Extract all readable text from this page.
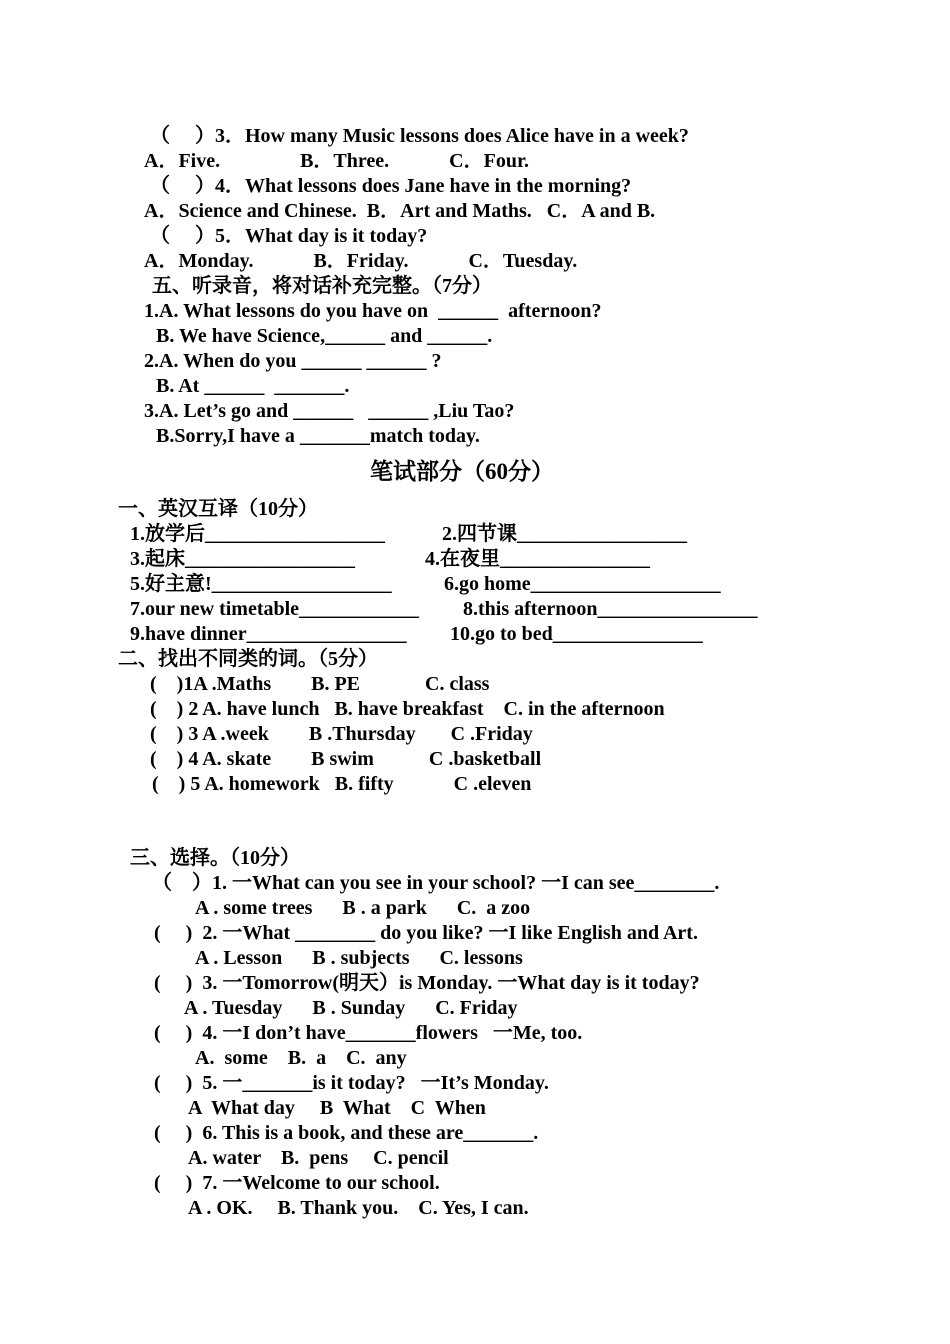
（　 ）3．How many Music lessons does Alice have in a week?
A．Five.　　　　B．Three.　　　C．Four.
（　 ）4．What lessons does Jane have in the morning?
A．Science and Chinese.  B．Art and Maths.   C．A and B.
（　 ）5．What day is it today?
A．Monday.　　　B．Friday.　　　C．Tuesday.
五、听录音，将对话补充完整。（7分）
1.A. What lessons do you have on  ______  afternoon?
B. We have Science,______ and ______.
2.A. When do you ______ ______ ?
B. At ______  _______.
3.A. Let’s go and ______   ______ ,Liu Tao?
B.Sorry,I have a _______match today.
笔试部分（60分）
一、英汉互译（10分）
1.放学后__________________	2.四节课_________________
3.起床_________________	4.在夜里_______________
5.好主意!__________________	6.go home___________________
7.our new timetable____________ 8.this afternoon________________
9.have dinner________________ 10.go to bed_______________
二、找出不同类的词。（5分）
(    )1A .Maths        B. PE             C. class
(    ) 2 A. have lunch   B. have breakfast    C. in the afternoon
(    ) 3 A .week        B .Thursday       C .Friday
(    ) 4 A. skate        B swim           C .basketball
(    ) 5 A. homework   B. fifty            C .eleven
三、选择。（10分）
（　）1. 一What can you see in your school? 一I can see________.
A . some trees      B . a park      C.  a zoo
(　 )  2. 一What ________ do you like? 一I like English and Art.
A . Lesson      B . subjects      C. lessons
(　 )  3. 一Tomorrow(明天）is Monday. 一What day is it today?
A . Tuesday      B . Sunday      C. Friday
(　 )  4. 一I don’t have_______flowers   一Me, too.
A.  some    B.  a    C.  any
(　 )  5. 一_______is it today?   一It’s Monday.
A  What day     B  What    C  When
(　 )  6. This is a book, and these are_______.
A. water    B.  pens     C. pencil
(　 )  7. 一Welcome to our school.
A . OK.     B. Thank you.    C. Yes, I can.
